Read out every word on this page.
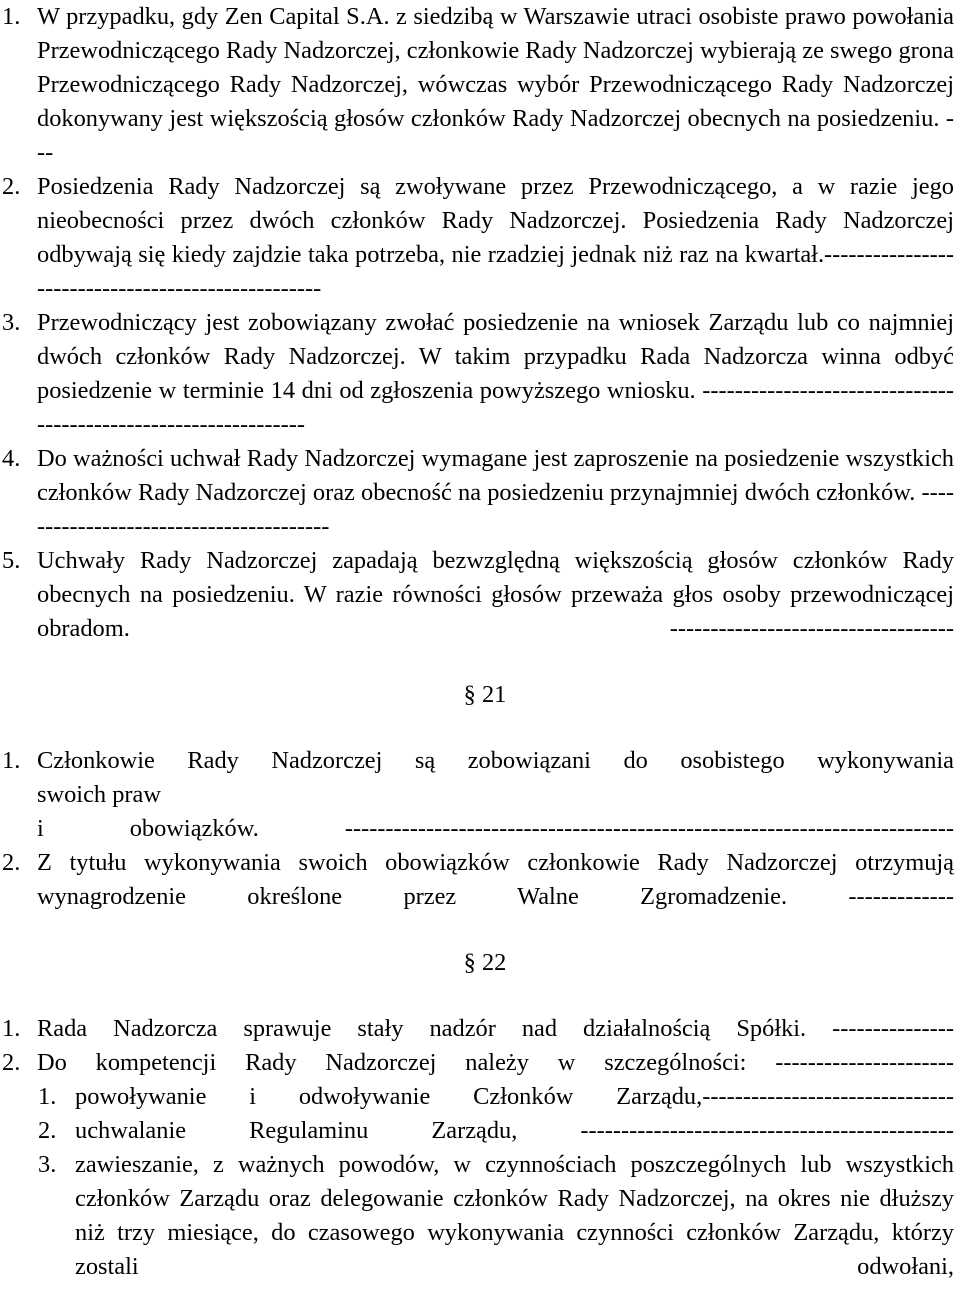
1. W przypadku, gdy Zen Capital S.A. z siedzibą w Warszawie utraci osobiste prawo powołania Przewodniczącego Rady Nadzorczej, członkowie Rady Nadzorczej wybierają ze swego grona Przewodniczącego Rady Nadzorczej, wówczas wybór Przewodniczącego Rady Nadzorczej dokonywany jest większością głosów członków Rady Nadzorczej obecnych na posiedzeniu. ---
2. Posiedzenia Rady Nadzorczej są zwoływane przez Przewodniczącego, a w razie jego nieobecności przez dwóch członków Rady Nadzorczej. Posiedzenia Rady Nadzorczej odbywają się kiedy zajdzie taka potrzeba, nie rzadziej jednak niż raz na kwartał.---------------------------------------------------
3. Przewodniczący jest zobowiązany zwołać posiedzenie na wniosek Zarządu lub co najmniej dwóch członków Rady Nadzorczej. W takim przypadku Rada Nadzorcza winna odbyć posiedzenie w terminie 14 dni od zgłoszenia powyższego wniosku. ----------------------------------------------------------------
4. Do ważności uchwał Rady Nadzorczej wymagane jest zaproszenie na posiedzenie wszystkich członków Rady Nadzorczej oraz obecność na posiedzeniu przynajmniej dwóch członków. ----------------------------------------
5. Uchwały Rady Nadzorczej zapadają bezwzględną większością głosów członków Rady obecnych na posiedzeniu. W razie równości głosów przeważa głos osoby przewodniczącej obradom. -----------------------------------
§ 21
1. Członkowie Rady Nadzorczej są zobowiązani do osobistego wykonywania
swoich praw
i obowiązków. ---------------------------------------------------------------------------
2. Z tytułu wykonywania swoich obowiązków członkowie Rady Nadzorczej otrzymują wynagrodzenie określone przez Walne Zgromadzenie. -------------
§ 22
1. Rada Nadzorcza sprawuje stały nadzór nad działalnością Spółki. ---------------
2. Do kompetencji Rady Nadzorczej należy w szczególności: ----------------------
1. powoływanie i odwoływanie Członków Zarządu,-------------------------------
2. uchwalanie Regulaminu Zarządu, ----------------------------------------------
3. zawieszanie, z ważnych powodów, w czynnościach poszczególnych lub wszystkich członków Zarządu oraz delegowanie członków Rady Nadzorczej, na okres nie dłuższy niż trzy miesiące, do czasowego wykonywania czynności członków Zarządu, którzy zostali odwołani,
